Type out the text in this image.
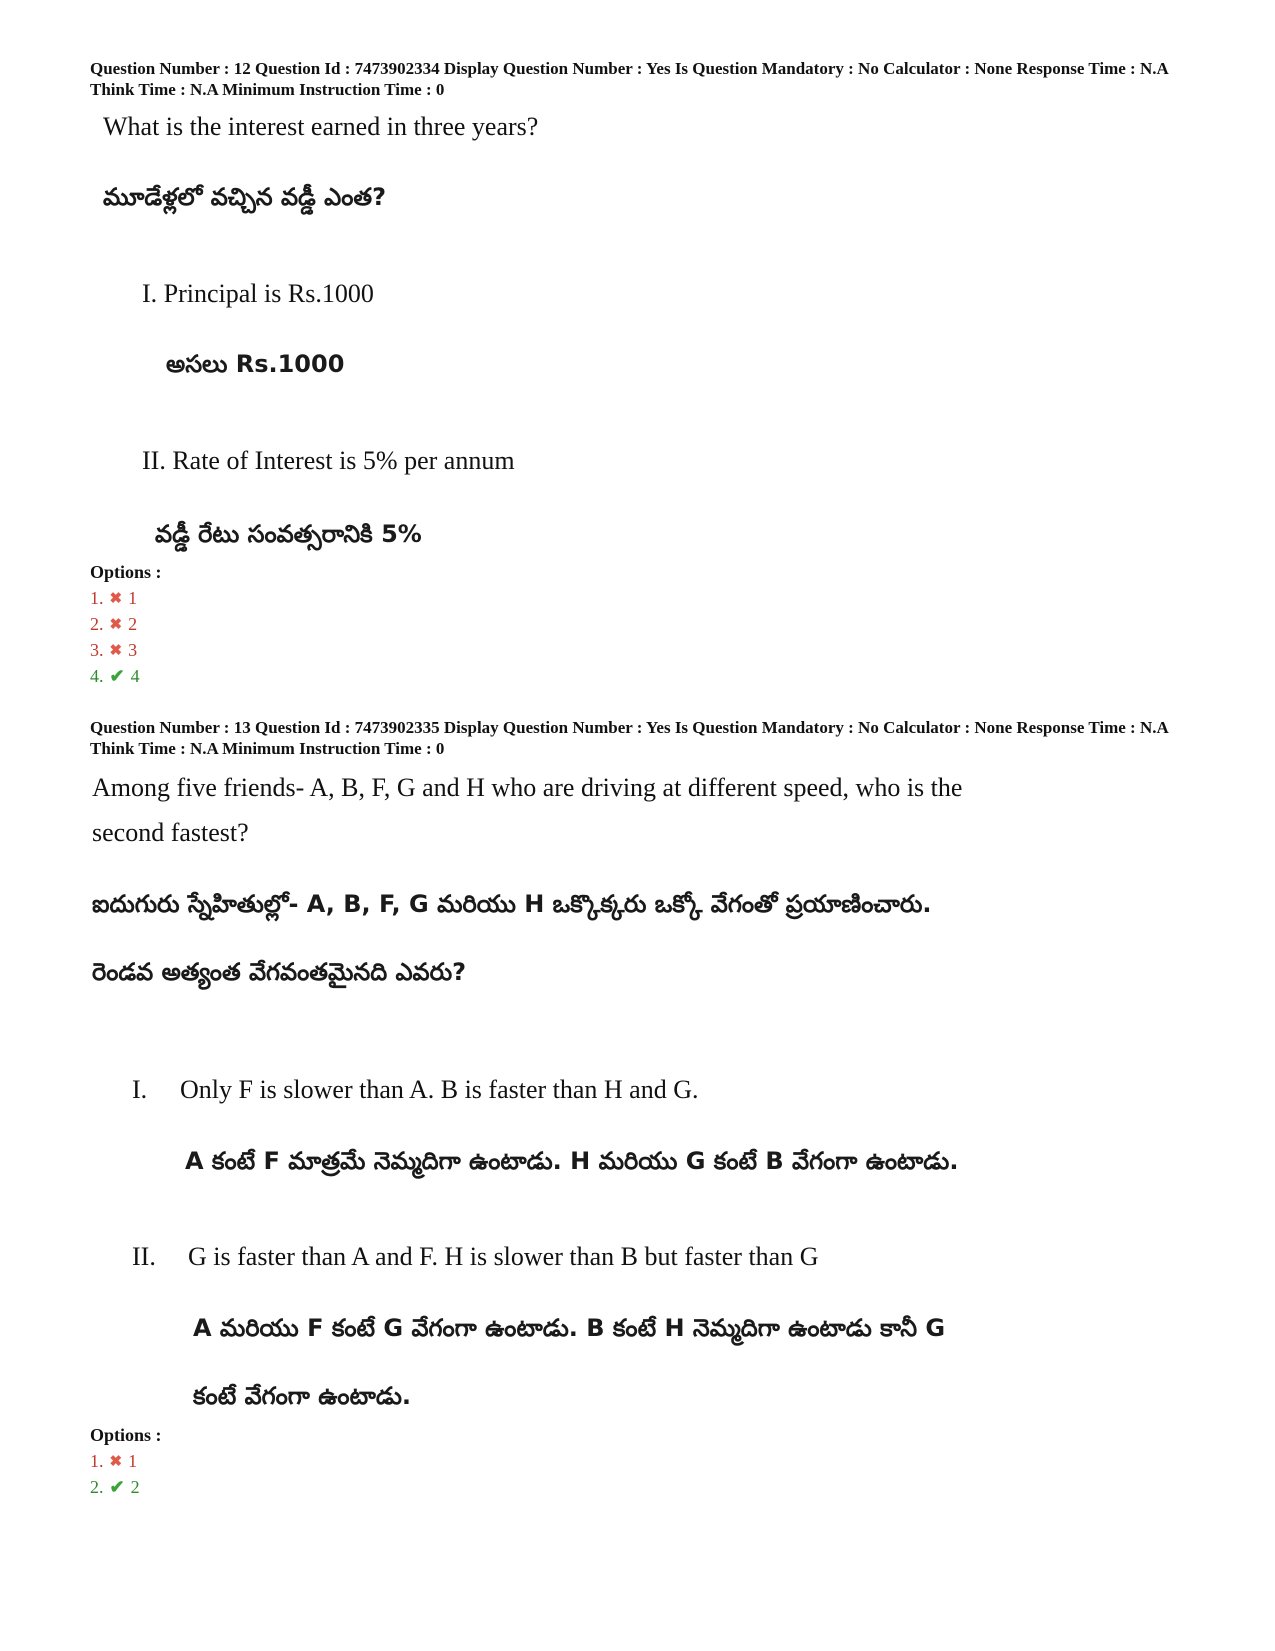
Question Number : 12 Question Id : 7473902334 Display Question Number : Yes Is Question Mandatory : No Calculator : None Response Time : N.A Think Time : N.A Minimum Instruction Time : 0
What is the interest earned in three years?
మూడేళ్లలో వచ్చిన వడ్డీ ఎంత?
I. Principal is Rs.1000
అసలు Rs.1000
II. Rate of Interest is 5% per annum
వడ్డీ రేటు సంవత్సరానికి 5%
Options :
1. ✖ 1
2. ✖ 2
3. ✖ 3
4. ✔ 4
Question Number : 13 Question Id : 7473902335 Display Question Number : Yes Is Question Mandatory : No Calculator : None Response Time : N.A Think Time : N.A Minimum Instruction Time : 0
Among five friends- A, B, F, G and H who are driving at different speed, who is the
second fastest?
ఐదుగురు స్నేహితుల్లో- A, B, F, G మరియు H ఒక్కొక్కరు ఒక్కో వేగంతో ప్రయాణించారు.
రెండవ అత్యంత వేగవంతమైనది ఎవరు?
I. Only F is slower than A. B is faster than H and G.
A కంటే F మాత్రమే నెమ్మదిగా ఉంటాడు. H మరియు G కంటే B వేగంగా ఉంటాడు.
II. G is faster than A and F. H is slower than B but faster than G
A మరియు F కంటే G వేగంగా ఉంటాడు. B కంటే H నెమ్మదిగా ఉంటాడు కానీ G
కంటే వేగంగా ఉంటాడు.
Options :
1. ✖ 1
2. ✔ 2
